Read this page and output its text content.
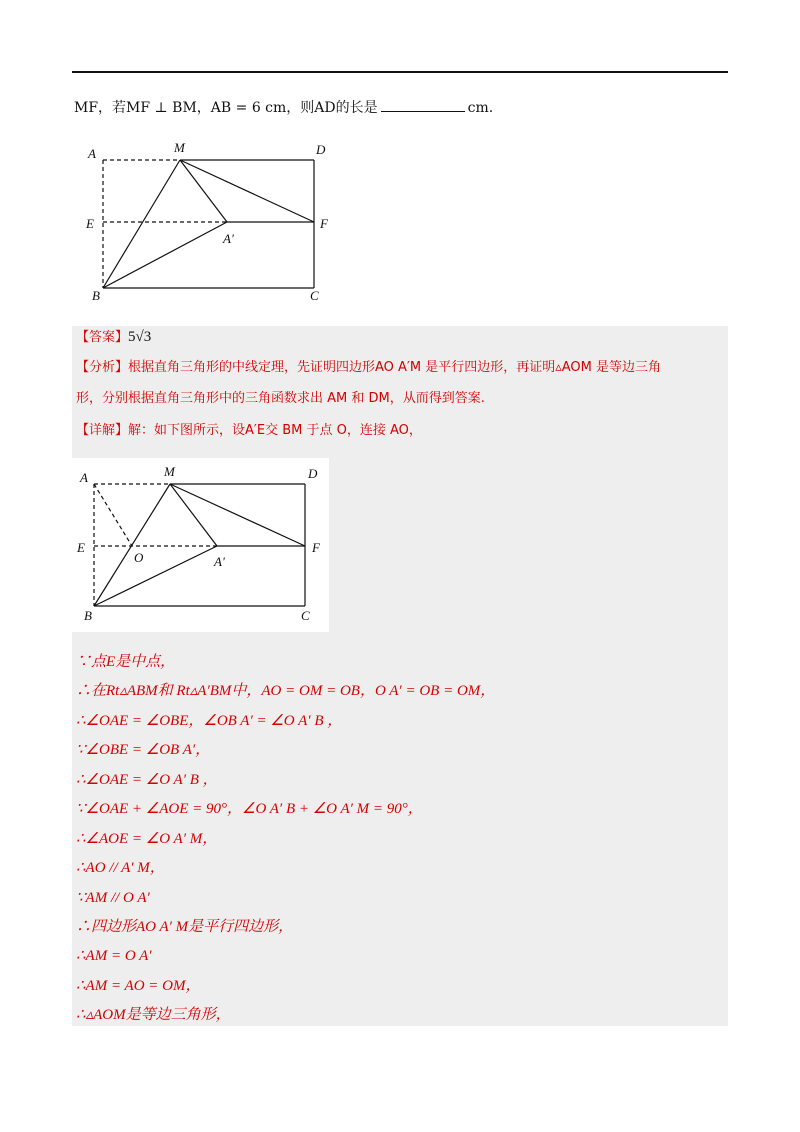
MF，若MF ⊥ BM，AB = 6 cm，则AD的长是	cm.
A	M	D
E
A'
F
B	C
【答案】5√3
【分析】根据直角三角形的中线定理，先证明四边形AO A′M 是平行四边形，再证明▵AOM 是等边三角
形，分别根据直角三角形中的三角函数求出 AM 和 DM，从而得到答案.
【详解】解：如下图所示，设A′E交 BM 于点 O，连接 AO，
A	M	D
E
O	A'
F
B	C
∵点E是中点，
∴在Rt▵ABM和 Rt▵A′BM中，AO = OM = OB，O A′ = OB = OM，
∴∠OAE = ∠OBE，∠OB A′ = ∠O A′ B ，
∵∠OBE = ∠OB A′，
∴∠OAE = ∠O A′ B ，
∵∠OAE + ∠AOE = 90°，∠O A′ B + ∠O A′ M = 90°，
∴∠AOE = ∠O A′ M，
∴AO // A′ M，
∵AM // O A′
∴四边形AO A′ M是平行四边形，
∴AM = O A′
∴AM = AO = OM，
∴▵AOM是等边三角形，
